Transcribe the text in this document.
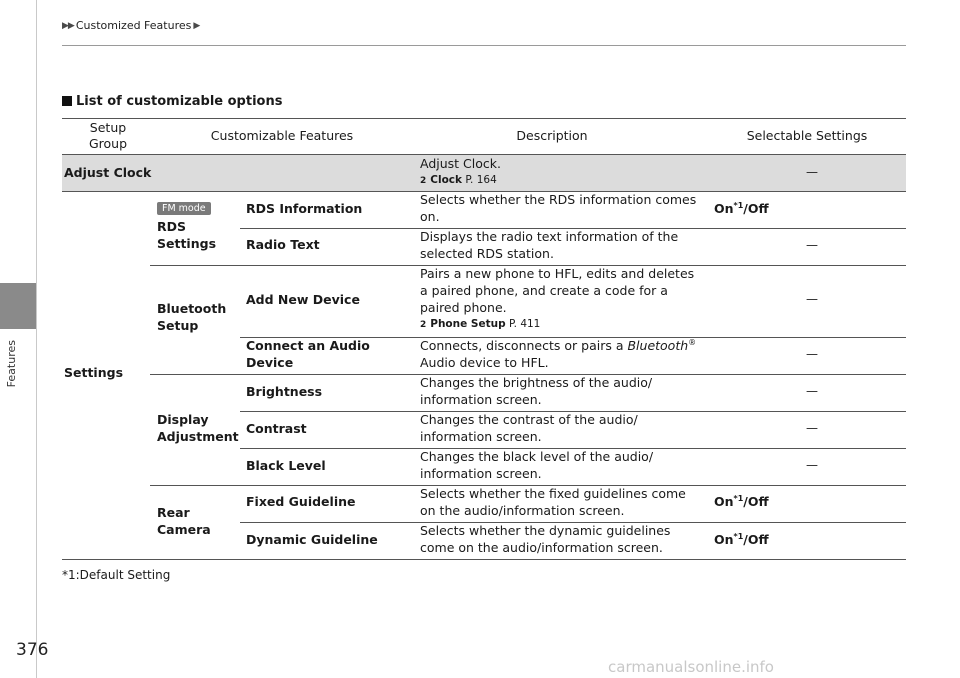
▶▶ Customized Features ▶
Features
List of customizable options
Setup
Group
Customizable Features	Description	Selectable Settings
Adjust Clock
Adjust Clock.
2 Clock P. 164
—
Settings
FM mode
RDS
Settings
RDS Information
Selects whether the RDS information comes on.
On$^{*1}$/Off
Radio Text
Displays the radio text information of the selected RDS station.
—
Bluetooth
Setup
Add New Device
Pairs a new phone to HFL, edits and deletes a paired phone, and create a code for a paired phone.
2 Phone Setup P. 411
—
Connect an Audio Device
Connects, disconnects or pairs a Bluetooth® Audio device to HFL.
—
Display
Adjustment
Brightness
Changes the brightness of the audio/ information screen.
—
Contrast
Changes the contrast of the audio/ information screen.
—
Black Level
Changes the black level of the audio/ information screen.
—
Rear
Camera
Fixed Guideline
Selects whether the fixed guidelines come on the audio/information screen.
On$^{*1}$/Off
Dynamic Guideline
Selects whether the dynamic guidelines come on the audio/information screen.
On$^{*1}$/Off
*1:Default Setting
376
carmanualsonline.info
